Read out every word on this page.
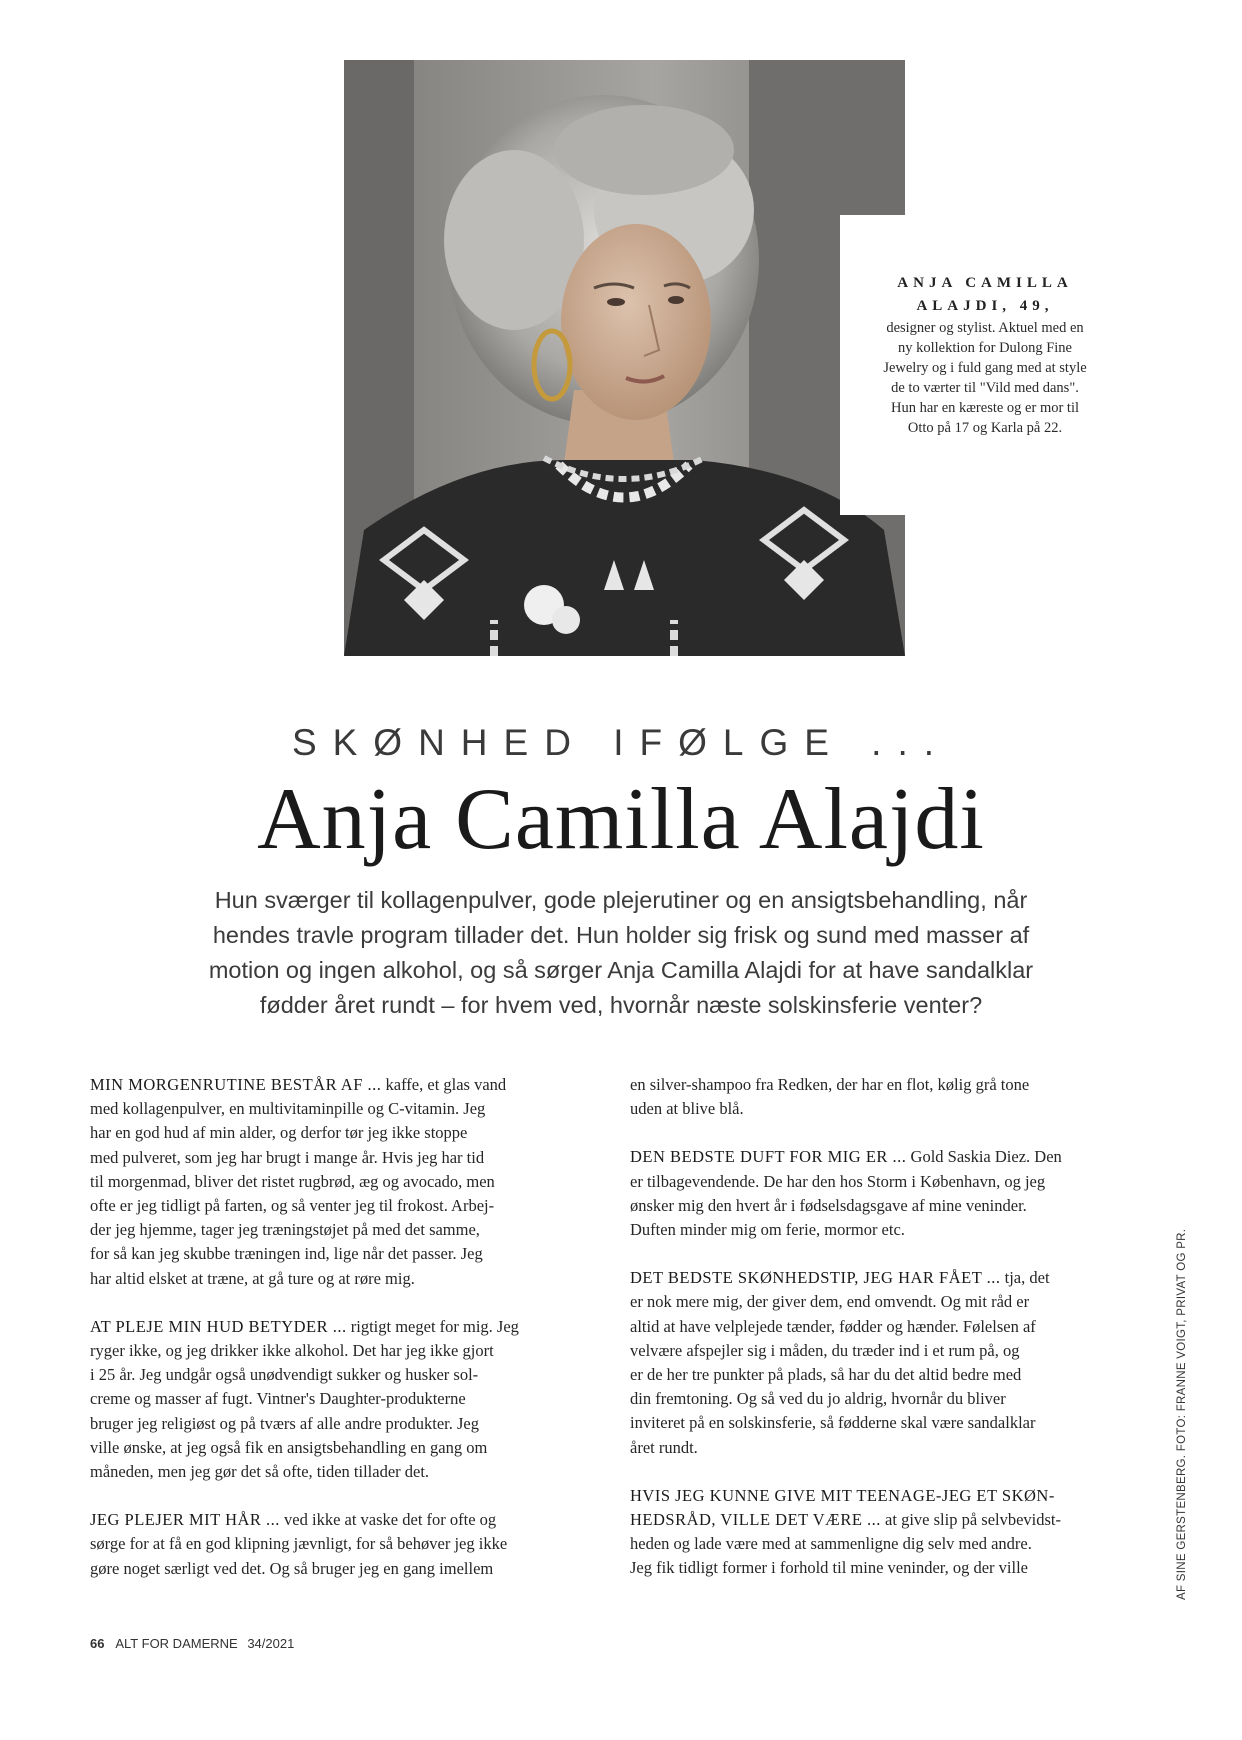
ANJA CAMILLA
ALAJDI, 49,
designer og stylist. Aktuel med en
ny kollektion for Dulong Fine
Jewelry og i fuld gang med at style
de to værter til "Vild med dans".
Hun har en kæreste og er mor til
Otto på 17 og Karla på 22.
SKØNHED IFØLGE ...
Anja Camilla Alajdi
Hun sværger til kollagenpulver, gode plejerutiner og en ansigtsbehandling, når
hendes travle program tillader det. Hun holder sig frisk og sund med masser af
motion og ingen alkohol, og så sørger Anja Camilla Alajdi for at have sandalklar
fødder året rundt – for hvem ved, hvornår næste solskinsferie venter?

MIN MORGENRUTINE BESTÅR AF ... kaffe, et glas vand
med kollagenpulver, en multivitaminpille og C-vitamin. Jeg
har en god hud af min alder, og derfor tør jeg ikke stoppe
med pulveret, som jeg har brugt i mange år. Hvis jeg har tid
til morgenmad, bliver det ristet rugbrød, æg og avocado, men
ofte er jeg tidligt på farten, og så venter jeg til frokost. Arbej-
der jeg hjemme, tager jeg træningstøjet på med det samme,
for så kan jeg skubbe træningen ind, lige når det passer. Jeg
har altid elsket at træne, at gå ture og at røre mig.

AT PLEJE MIN HUD BETYDER ... rigtigt meget for mig. Jeg
ryger ikke, og jeg drikker ikke alkohol. Det har jeg ikke gjort
i 25 år. Jeg undgår også unødvendigt sukker og husker sol-
creme og masser af fugt. Vintner's Daughter-produkterne
bruger jeg religiøst og på tværs af alle andre produkter. Jeg
ville ønske, at jeg også fik en ansigtsbehandling en gang om
måneden, men jeg gør det så ofte, tiden tillader det.

JEG PLEJER MIT HÅR ... ved ikke at vaske det for ofte og
sørge for at få en god klipning jævnligt, for så behøver jeg ikke
gøre noget særligt ved det. Og så bruger jeg en gang imellem

en silver-shampoo fra Redken, der har en flot, kølig grå tone
uden at blive blå.

DEN BEDSTE DUFT FOR MIG ER ... Gold Saskia Diez. Den
er tilbagevendende. De har den hos Storm i København, og jeg
ønsker mig den hvert år i fødselsdagsgave af mine veninder.
Duften minder mig om ferie, mormor etc.

DET BEDSTE SKØNHEDSTIP, JEG HAR FÅET ... tja, det
er nok mere mig, der giver dem, end omvendt. Og mit råd er
altid at have velplejede tænder, fødder og hænder. Følelsen af
velvære afspejler sig i måden, du træder ind i et rum på, og
er de her tre punkter på plads, så har du det altid bedre med
din fremtoning. Og så ved du jo aldrig, hvornår du bliver
inviteret på en solskinsferie, så fødderne skal være sandalklar
året rundt.

HVIS JEG KUNNE GIVE MIT TEENAGE-JEG ET SKØN-
HEDSRÅD, VILLE DET VÆRE ... at give slip på selvbevidst-
heden og lade være med at sammenligne dig selv med andre.
Jeg fik tidligt former i forhold til mine veninder, og der ville	AF SINE GERSTENBERG. FOTO: FRANNE VOIGT, PRIVAT OG PR.
66 ALT FOR DAMERNE 34/2021
